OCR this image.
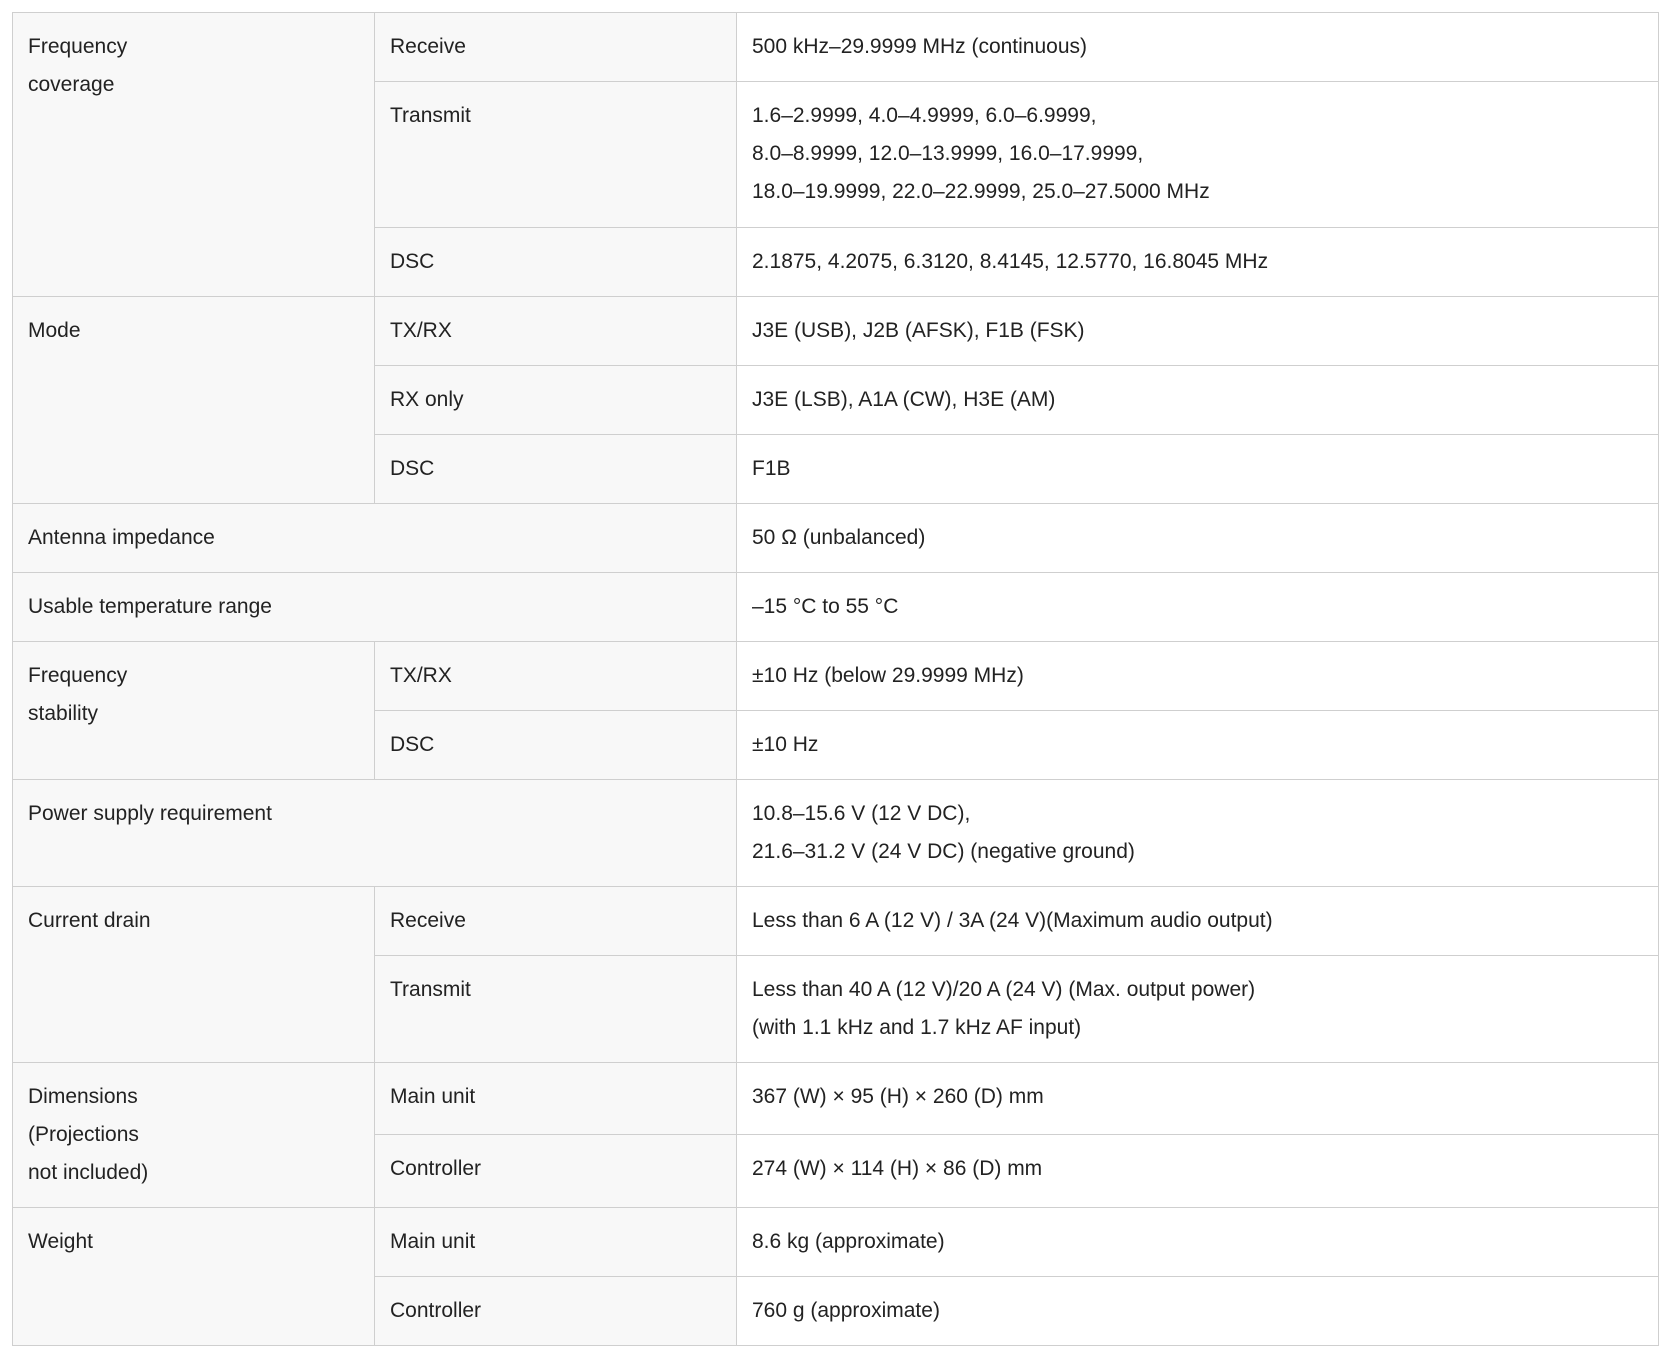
Frequency
coverage	Receive	500 kHz–29.9999 MHz (continuous)

	Transmit	1.6–2.9999, 4.0–4.9999, 6.0–6.9999,
8.0–8.9999, 12.0–13.9999, 16.0–17.9999,
18.0–19.9999, 22.0–22.9999, 25.0–27.5000 MHz

	DSC	2.1875, 4.2075, 6.3120, 8.4145, 12.5770, 16.8045 MHz

Mode	TX/RX	J3E (USB), J2B (AFSK), F1B (FSK)

	RX only	J3E (LSB), A1A (CW), H3E (AM)

	DSC	F1B

Antenna impedance		50 Ω (unbalanced)

Usable temperature range		–15 °C to 55 °C

Frequency
stability	TX/RX	±10 Hz (below 29.9999 MHz)

	DSC	±10 Hz

Power supply requirement		10.8–15.6 V (12 V DC),
21.6–31.2 V (24 V DC) (negative ground)

Current drain	Receive	Less than 6 A (12 V) / 3A (24 V)(Maximum audio output)

	Transmit	Less than 40 A (12 V)/20 A (24 V) (Max. output power)
(with 1.1 kHz and 1.7 kHz AF input)

Dimensions
(Projections
not included)	Main unit	367 (W) × 95 (H) × 260 (D) mm

	Controller	274 (W) × 114 (H) × 86 (D) mm

Weight	Main unit	8.6 kg (approximate)

	Controller	760 g (approximate)
